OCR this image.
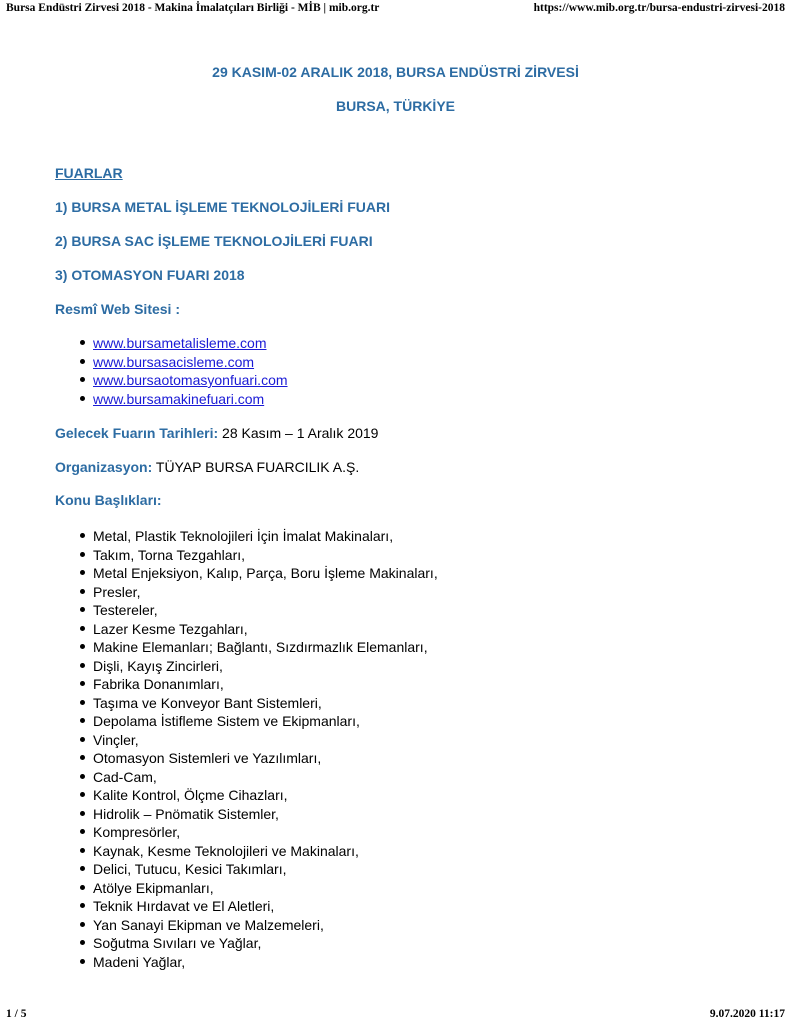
Bursa Endüstri Zirvesi 2018 - Makina İmalatçıları Birliği - MİB | mib.org.tr	https://www.mib.org.tr/bursa-endustri-zirvesi-2018
29 KASIM-02 ARALIK 2018, BURSA ENDÜSTRİ ZİRVESİ
BURSA, TÜRKİYE
FUARLAR
1) BURSA METAL İŞLEME TEKNOLOJİLERİ FUARI
2) BURSA SAC İŞLEME TEKNOLOJİLERİ FUARI
3) OTOMASYON FUARI 2018
Resmî Web Sitesi :
www.bursametalisleme.com
www.bursasacisleme.com
www.bursaotomasyonfuari.com
www.bursamakinefuari.com
Gelecek Fuarın Tarihleri: 28 Kasım – 1 Aralık 2019
Organizasyon: TÜYAP BURSA FUARCILIK A.Ş.
Konu Başlıkları:
Metal, Plastik Teknolojileri İçin İmalat Makinaları,
Takım, Torna Tezgahları,
Metal Enjeksiyon, Kalıp, Parça, Boru İşleme Makinaları,
Presler,
Testereler,
Lazer Kesme Tezgahları,
Makine Elemanları; Bağlantı, Sızdırmazlık Elemanları,
Dişli, Kayış Zincirleri,
Fabrika Donanımları,
Taşıma ve Konveyor Bant Sistemleri,
Depolama İstifleme Sistem ve Ekipmanları,
Vinçler,
Otomasyon Sistemleri ve Yazılımları,
Cad-Cam,
Kalite Kontrol, Ölçme Cihazları,
Hidrolik – Pnömatik Sistemler,
Kompresörler,
Kaynak, Kesme Teknolojileri ve Makinaları,
Delici, Tutucu, Kesici Takımları,
Atölye Ekipmanları,
Teknik Hırdavat ve El Aletleri,
Yan Sanayi Ekipman ve Malzemeleri,
Soğutma Sıvıları ve Yağlar,
Madeni Yağlar,
1 / 5	9.07.2020 11:17
